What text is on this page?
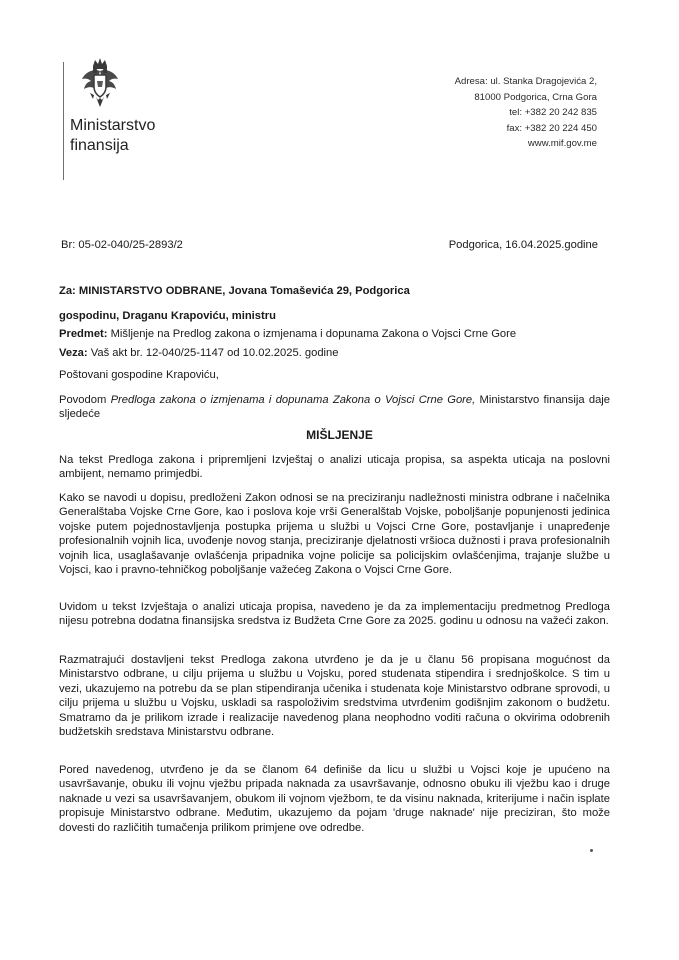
Ministarstvo
finansija
Adresa: ul. Stanka Dragojevića 2,
81000 Podgorica, Crna Gora
tel: +382 20 242 835
fax: +382 20 224 450
www.mif.gov.me
Br: 05-02-040/25-2893/2	Podgorica, 16.04.2025.godine
Za: MINISTARSTVO ODBRANE, Jovana Tomaševića 29, Podgorica
gospodinu, Draganu Krapoviću, ministru
Predmet: Mišljenje na Predlog zakona o izmjenama i dopunama Zakona o Vojsci Crne Gore
Veza: Vaš akt br. 12-040/25-1147 od 10.02.2025. godine
Poštovani gospodine Krapoviću,

Povodom Predloga zakona o izmjenama i dopunama Zakona o Vojsci Crne Gore, Ministarstvo finansija daje sljedeće

MIŠLJENJE

Na tekst Predloga zakona i pripremljeni Izvještaj o analizi uticaja propisa, sa aspekta uticaja na poslovni ambijent, nemamo primjedbi.

Kako se navodi u dopisu, predloženi Zakon odnosi se na preciziranju nadležnosti ministra odbrane i načelnika Generalštaba Vojske Crne Gore, kao i poslova koje vrši Generalštab Vojske, poboljšanje popunjenosti jedinica vojske putem pojednostavljenja postupka prijema u službi u Vojsci Crne Gore, postavljanje i unapređenje profesionalnih vojnih lica, uvođenje novog stanja, preciziranje djelatnosti vršioca dužnosti i prava profesionalnih vojnih lica, usaglašavanje ovlašćenja pripadnika vojne policije sa policijskim ovlašćenjima, trajanje službe u Vojsci, kao i pravno-tehničkog poboljšanje važećeg Zakona o Vojsci Crne Gore.

Uvidom u tekst Izvještaja o analizi uticaja propisa, navedeno je da za implementaciju predmetnog Predloga nijesu potrebna dodatna finansijska sredstva iz Budžeta Crne Gore za 2025. godinu u odnosu na važeći zakon.

Razmatrajući dostavljeni tekst Predloga zakona utvrđeno je da je u članu 56 propisana mogućnost da Ministarstvo odbrane, u cilju prijema u službu u Vojsku, pored studenata stipendira i srednjoškolce. S tim u vezi, ukazujemo na potrebu da se plan stipendiranja učenika i studenata koje Ministarstvo odbrane sprovodi, u cilju prijema u službu u Vojsku, uskladi sa raspoloživim sredstvima utvrđenim godišnjim zakonom o budžetu. Smatramo da je prilikom izrade i realizacije navedenog plana neophodno voditi računa o okvirima odobrenih budžetskih sredstava Ministarstvu odbrane.

Pored navedenog, utvrđeno je da se članom 64 definiše da licu u službi u Vojsci koje je upućeno na usavršavanje, obuku ili vojnu vježbu pripada naknada za usavršavanje, odnosno obuku ili vježbu kao i druge naknade u vezi sa usavršavanjem, obukom ili vojnom vježbom, te da visinu naknada, kriterijume i način isplate propisuje Ministarstvo odbrane. Međutim, ukazujemo da pojam 'druge naknade' nije preciziran, što može dovesti do različitih tumačenja prilikom primjene ove odredbe.
